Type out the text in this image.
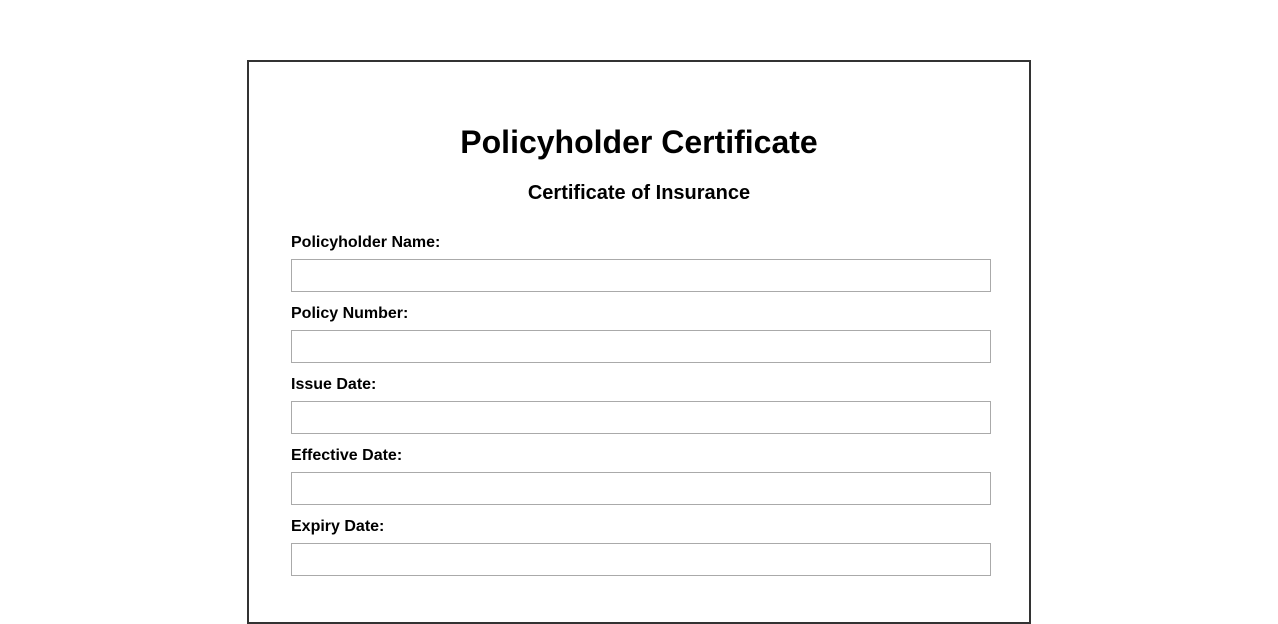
Policyholder Certificate
Certificate of Insurance
Policyholder Name:
Policy Number:
Issue Date:
Effective Date:
Expiry Date:
